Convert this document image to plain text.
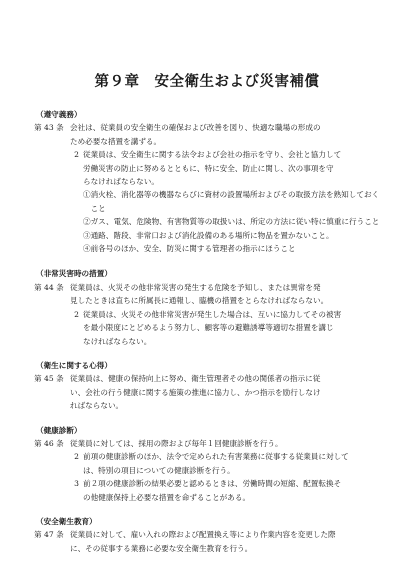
第９章　安全衛生および災害補償
（遵守義務）
第 43 条 会社は、従業員の安全衛生の確保および改善を図り、快適な職場の形成の
ため必要な措置を講ずる。
2 従業員は、安全衛生に関する法令および会社の指示を守り、会社と協力して
労働災害の防止に努めるとともに、特に安全、防止に関し、次の事項を守
らなければならない。
①消火栓、消化器等の機器ならびに資材の設置場所およびその取扱方法を熟知しておくこと
②ガス、電気、危険物、有害物質等の取扱いは、所定の方法に従い特に慎重に行うこと
③通路、階段、非常口および消化設備のある場所に物品を置かないこと。
④前各号のほか、安全、防災に関する管理者の指示にほうこと
（非常災害時の措置）
第 44 条 従業員は、火災その他非常災害の発生する危険を予知し、または異常を発
見したときは直ちに所属長に通報し、臨機の措置をとらなければならない。
2 従業員は、火災その他非常災害が発生した場合は、互いに協力してその被害
を最小限度にとどめるよう努力し、顧客等の避難誘導等適切な措置を講じ
なければならない。
（衛生に関する心得）
第 45 条 従業員は、健康の保持向上に努め、衛生管理者その他の関係者の指示に従
い、会社の行う健康に関する施策の推進に協力し、かつ指示を励行しなけ
ればならない。
（健康診断）
第 46 条 従業員に対しては、採用の際および毎年１回健康診断を行う。
2 前項の健康診断のほか、法令で定められた有害業務に従事する従業員に対して
は、特別の項目についての健康診断を行う。
3 前２項の健康診断の結果必要と認めるときは、労働時間の短縮、配置転換そ
の他健康保持上必要な措置を命ずることがある。
（安全衛生教育）
第 47 条 従業員に対して、雇い入れの際および配置換え等により作業内容を変更した際
に、その従事する業務に必要な安全衛生教育を行う。
